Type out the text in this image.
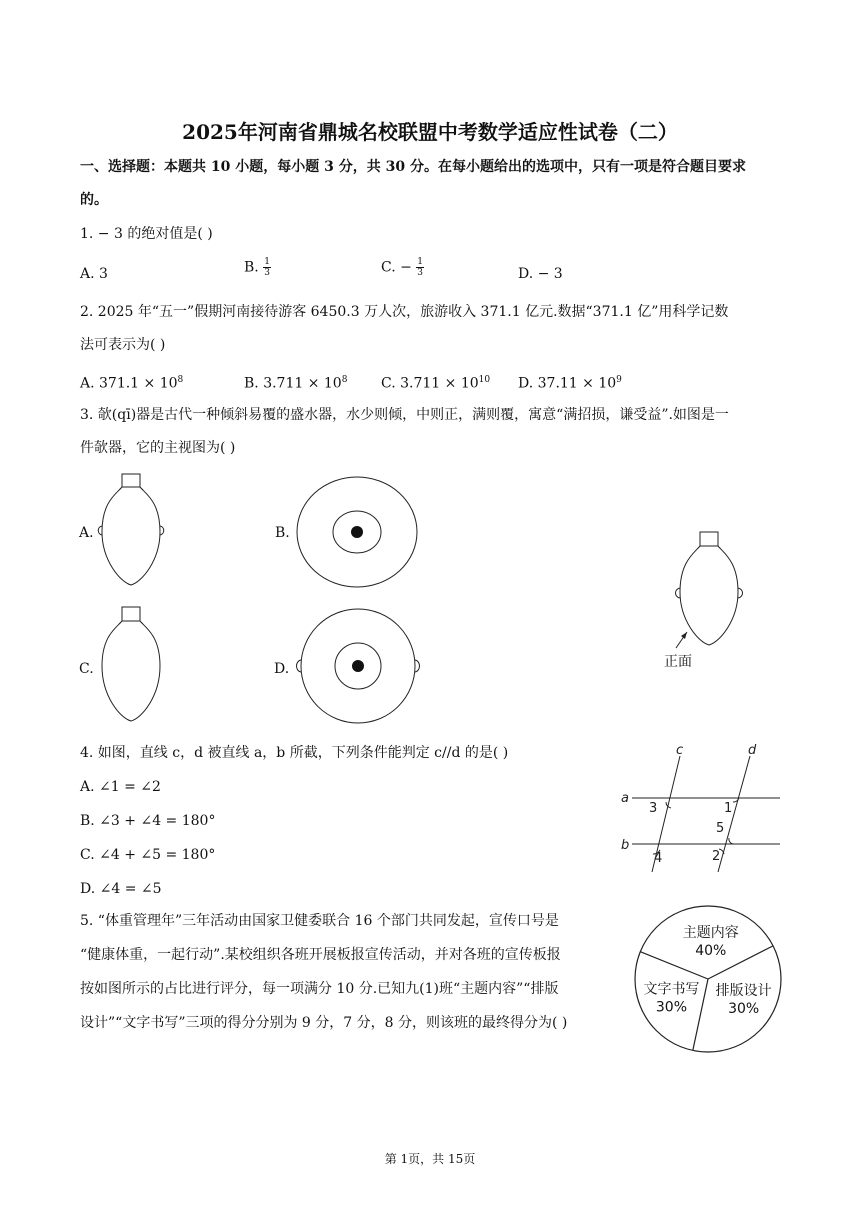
2025年河南省鼎城名校联盟中考数学适应性试卷（二）
一、选择题：本题共 10 小题，每小题 3 分，共 30 分。在每小题给出的选项中，只有一项是符合题目要求
的。
1. − 3 的绝对值是( )
A. 3	B. $\frac{1}{3}$	C. − $\frac{1}{3}$	D. − 3
2. 2025 年“五一”假期河南接待游客 6450.3 万人次，旅游收入 371.1 亿元.数据“371.1 亿”用科学记数
法可表示为( )
A. $371.1 \times 10^8$	B. $3.711 \times 10^8$ C. $3.711 \times 10^{10}$ D. $37.11 \times 10^9$
3. 欹(qī)器是古代一种倾斜易覆的盛水器，水少则倾，中则正，满则覆，寓意“满招损，谦受益”.如图是一
件欹器，它的主视图为( )
A.	B.
C.	D.	正面
4. 如图，直线 c，d 被直线 a，b 所截，下列条件能判定 c//d 的是( )
A. ∠1 = ∠2
B. ∠3 + ∠4 = 180°
C. ∠4 + ∠5 = 180°
D. ∠4 = ∠5
c	d
a
b
3	1
5
4	2
5. “体重管理年”三年活动由国家卫健委联合 16 个部门共同发起，宣传口号是
“健康体重，一起行动”.某校组织各班开展板报宣传活动，并对各班的宣传板报
按如图所示的占比进行评分，每一项满分 10 分.已知九(1)班“主题内容”“排版
设计”“文字书写”三项的得分分别为 9 分，7 分，8 分，则该班的最终得分为( )
主题内容
40%
排版设计
30%
文字书写
30%
第 1页，共 15页
